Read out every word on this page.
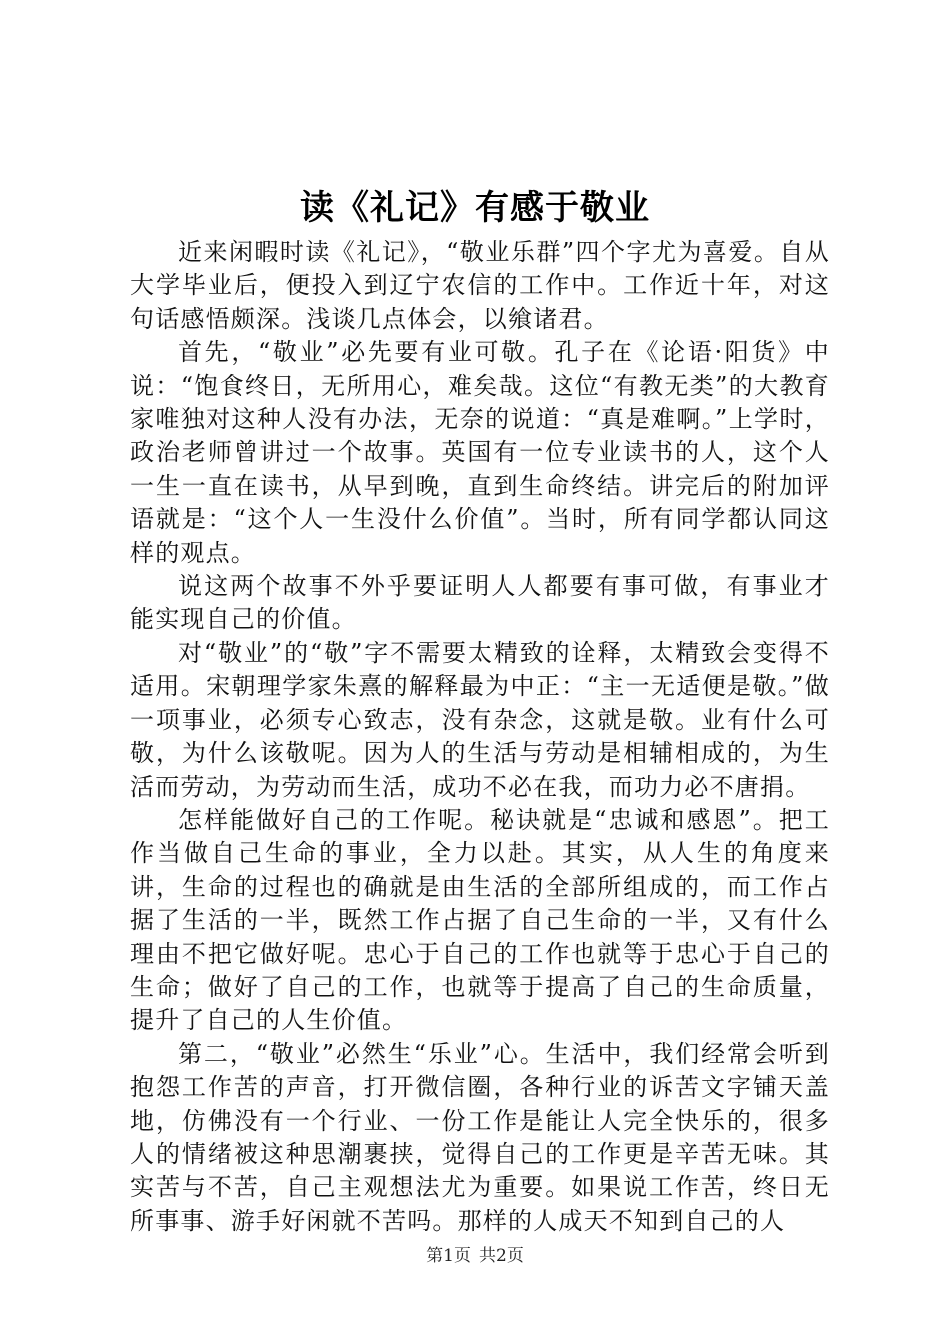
读《礼记》有感于敬业

近来闲暇时读《礼记》，“敬业乐群”四个字尤为喜爱。自从大学毕业后，便投入到辽宁农信的工作中。工作近十年，对这句话感悟颇深。浅谈几点体会，以飨诸君。

首先，“敬业”必先要有业可敬。孔子在《论语·阳货》中说：“饱食终日，无所用心，难矣哉。这位“有教无类”的大教育家唯独对这种人没有办法，无奈的说道：“真是难啊。”上学时，政治老师曾讲过一个故事。英国有一位专业读书的人，这个人一生一直在读书，从早到晚，直到生命终结。讲完后的附加评语就是：“这个人一生没什么价值”。当时，所有同学都认同这样的观点。

说这两个故事不外乎要证明人人都要有事可做，有事业才能实现自己的价值。

对“敬业”的“敬”字不需要太精致的诠释，太精致会变得不适用。宋朝理学家朱熹的解释最为中正：“主一无适便是敬。”做一项事业，必须专心致志，没有杂念，这就是敬。业有什么可敬，为什么该敬呢。因为人的生活与劳动是相辅相成的，为生活而劳动，为劳动而生活，成功不必在我，而功力必不唐捐。

怎样能做好自己的工作呢。秘诀就是“忠诚和感恩”。把工作当做自己生命的事业，全力以赴。其实，从人生的角度来讲，生命的过程也的确就是由生活的全部所组成的，而工作占据了生活的一半，既然工作占据了自己生命的一半，又有什么理由不把它做好呢。忠心于自己的工作也就等于忠心于自己的生命；做好了自己的工作，也就等于提高了自己的生命质量，提升了自己的人生价值。

第二，“敬业”必然生“乐业”心。生活中，我们经常会听到抱怨工作苦的声音，打开微信圈，各种行业的诉苦文字铺天盖地，仿佛没有一个行业、一份工作是能让人完全快乐的，很多人的情绪被这种思潮裹挟，觉得自己的工作更是辛苦无味。其实苦与不苦，自己主观想法尤为重要。如果说工作苦，终日无所事事、游手好闲就不苦吗。那样的人成天不知到自己的人

第1页 共2页
